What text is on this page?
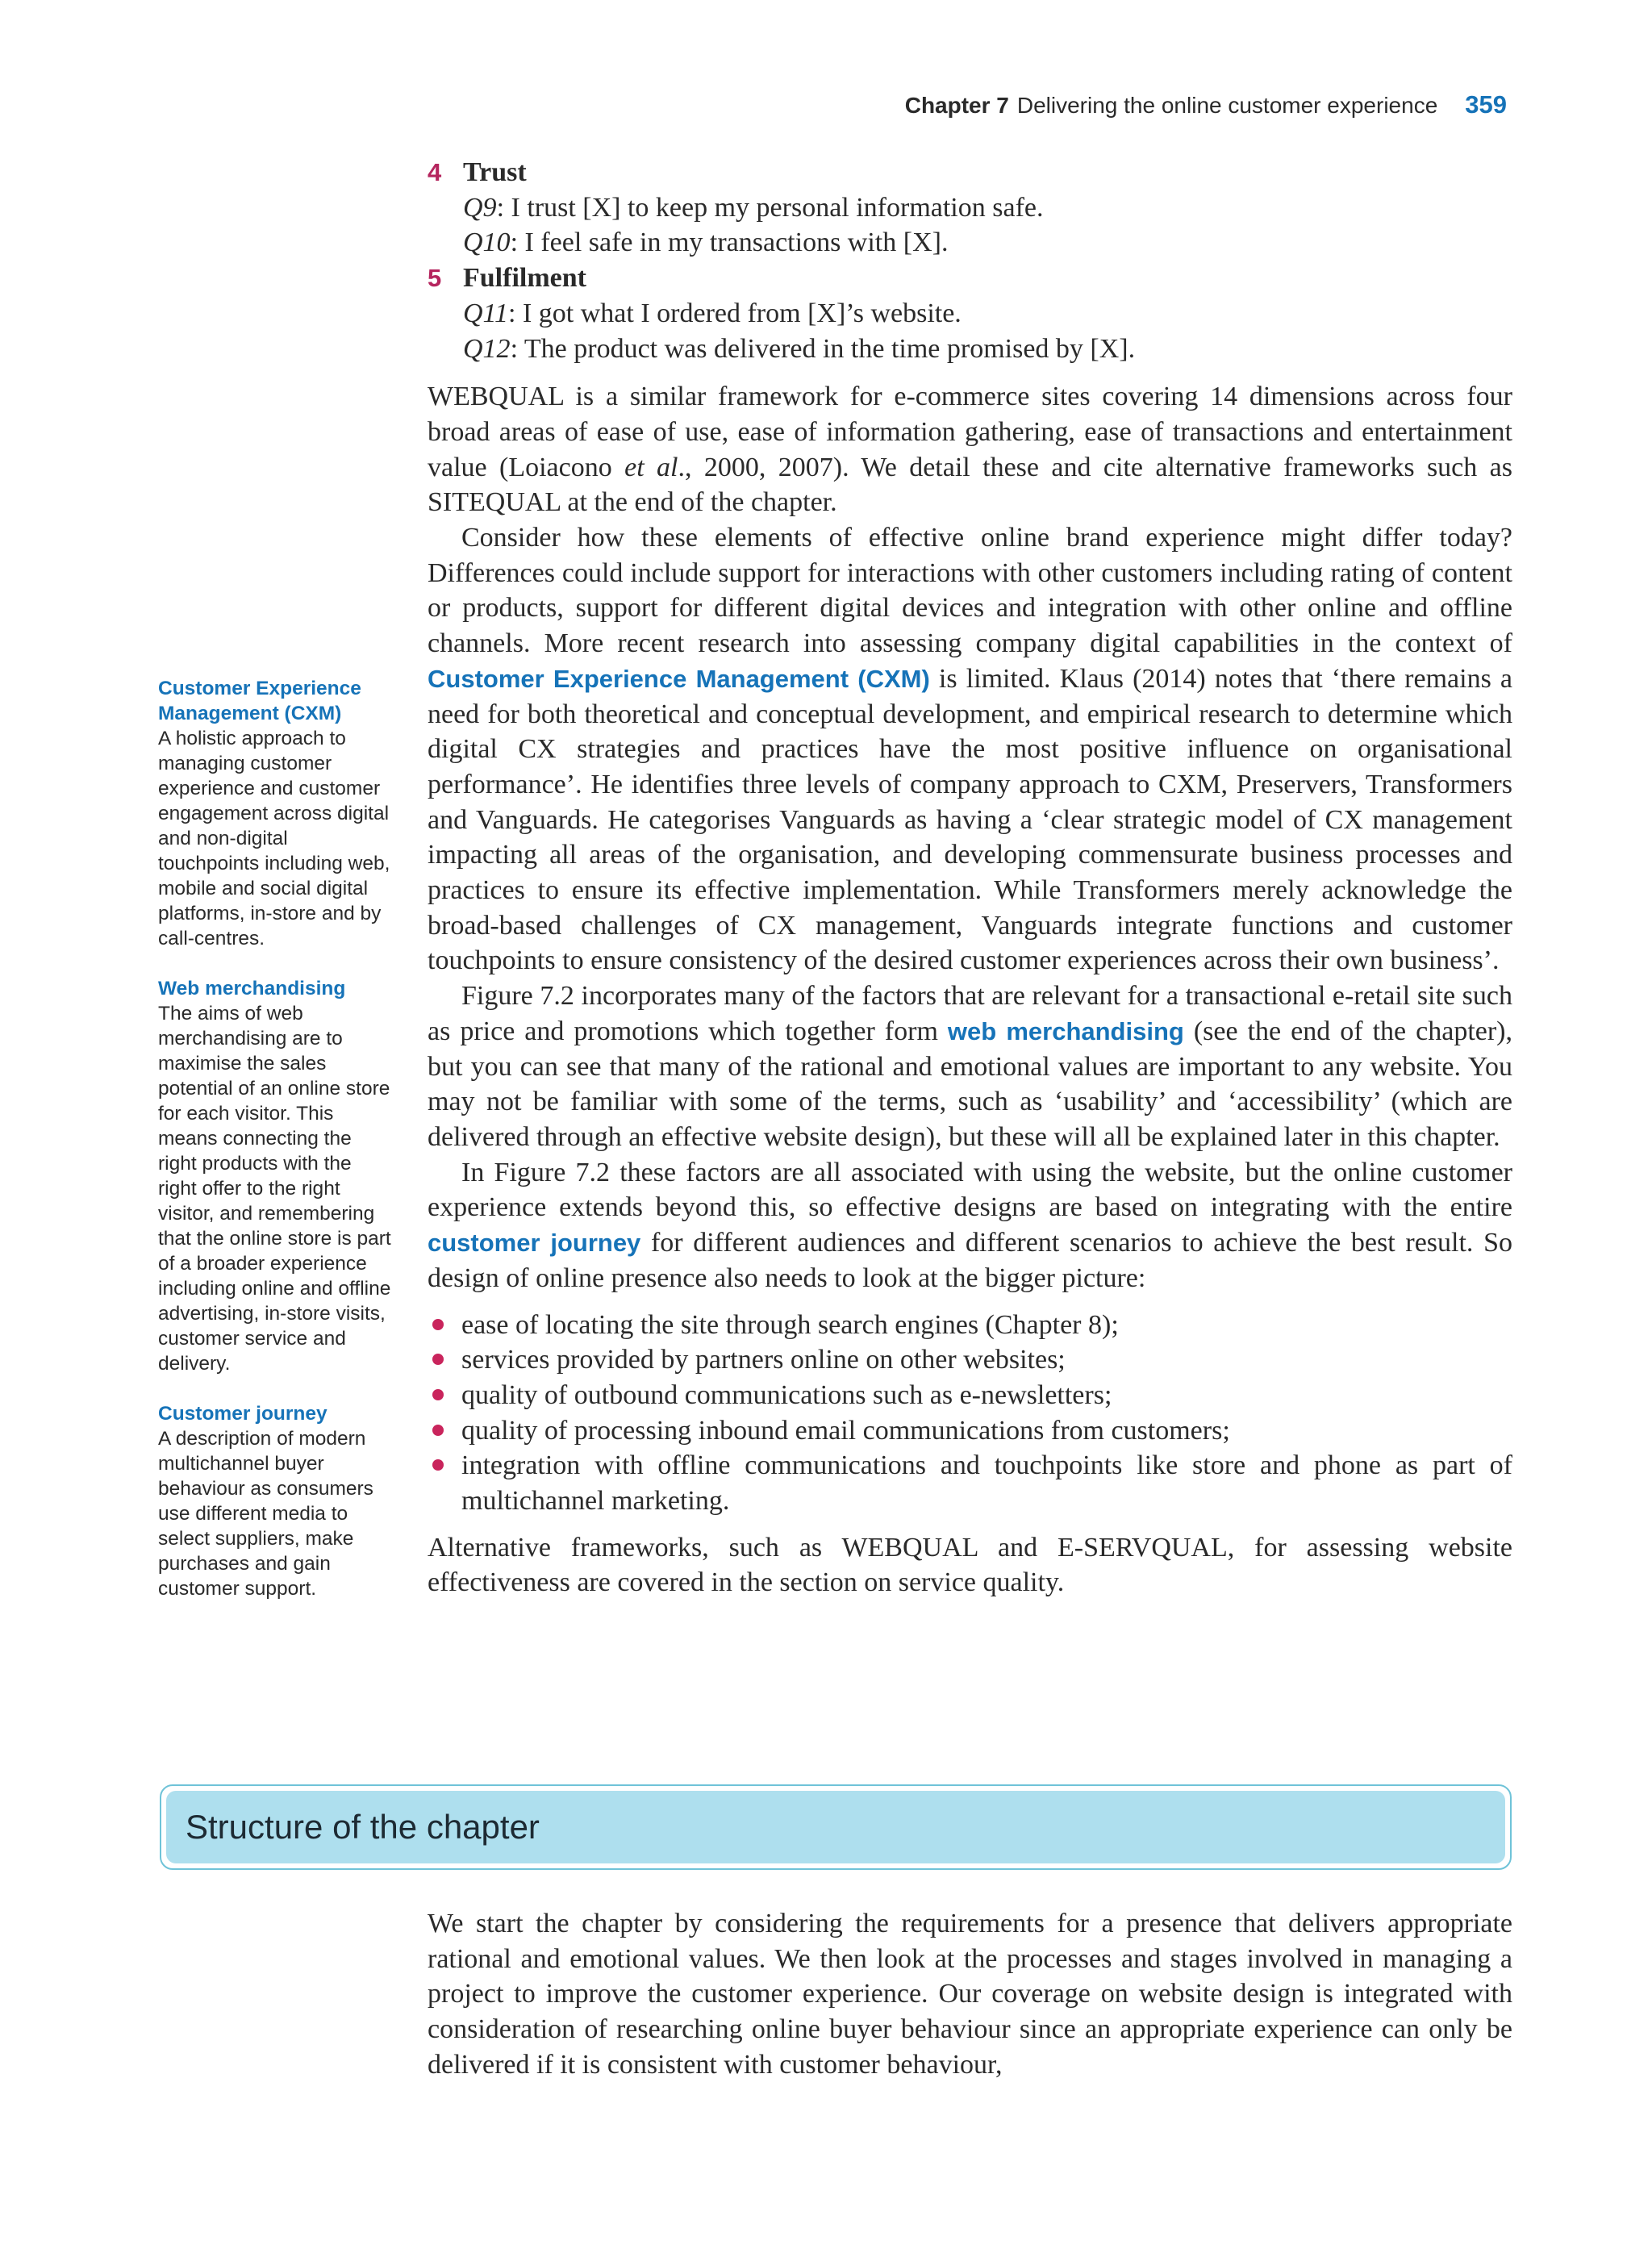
Chapter 7 Delivering the online customer experience 359
4 Trust
Q9: I trust [X] to keep my personal information safe.
Q10: I feel safe in my transactions with [X].
5 Fulfilment
Q11: I got what I ordered from [X]’s website.
Q12: The product was delivered in the time promised by [X].

WEBQUAL is a similar framework for e-commerce sites covering 14 dimensions across four broad areas of ease of use, ease of information gathering, ease of transactions and entertainment value (Loiacono et al., 2000, 2007). We detail these and cite alternative frameworks such as SITEQUAL at the end of the chapter.

Consider how these elements of effective online brand experience might differ today? Differences could include support for interactions with other customers including rating of content or products, support for different digital devices and integration with other online and offline channels. More recent research into assessing company digital capabilities in the context of Customer Experience Management (CXM) is limited. Klaus (2014) notes that ‘there remains a need for both theoretical and conceptual development, and empirical research to determine which digital CX strategies and practices have the most positive influence on organisational performance’. He identifies three levels of company approach to CXM, Preservers, Transformers and Vanguards. He categorises Vanguards as having a ‘clear strategic model of CX management impacting all areas of the organisation, and developing commensurate business processes and practices to ensure its effective implementation. While Transformers merely acknowledge the broad-based challenges of CX management, Vanguards integrate functions and customer touchpoints to ensure consistency of the desired customer experiences across their own business’.

Figure 7.2 incorporates many of the factors that are relevant for a transactional e-retail site such as price and promotions which together form web merchandising (see the end of the chapter), but you can see that many of the rational and emotional values are important to any website. You may not be familiar with some of the terms, such as ‘usability’ and ‘accessibility’ (which are delivered through an effective website design), but these will all be explained later in this chapter.

In Figure 7.2 these factors are all associated with using the website, but the online customer experience extends beyond this, so effective designs are based on integrating with the entire customer journey for different audiences and different scenarios to achieve the best result. So design of online presence also needs to look at the bigger picture:

ease of locating the site through search engines (Chapter 8);
services provided by partners online on other websites;
quality of outbound communications such as e-newsletters;
quality of processing inbound email communications from customers;
integration with offline communications and touchpoints like store and phone as part of multichannel marketing.

Alternative frameworks, such as WEBQUAL and E-SERVQUAL, for assessing website effectiveness are covered in the section on service quality.

Customer Experience Management (CXM)
A holistic approach to managing customer experience and customer engagement across digital and non-digital touchpoints including web, mobile and social digital platforms, in-store and by call-centres.
Web merchandising
The aims of web merchandising are to maximise the sales potential of an online store for each visitor. This means connecting the right products with the right offer to the right visitor, and remembering that the online store is part of a broader experience including online and offline advertising, in-store visits, customer service and delivery.
Customer journey
A description of modern multichannel buyer behaviour as consumers use different media to select suppliers, make purchases and gain customer support.
Structure of the chapter

We start the chapter by considering the requirements for a presence that delivers appropriate rational and emotional values. We then look at the processes and stages involved in managing a project to improve the customer experience. Our coverage on website design is integrated with consideration of researching online buyer behaviour since an appropriate experience can only be delivered if it is consistent with customer behaviour,
